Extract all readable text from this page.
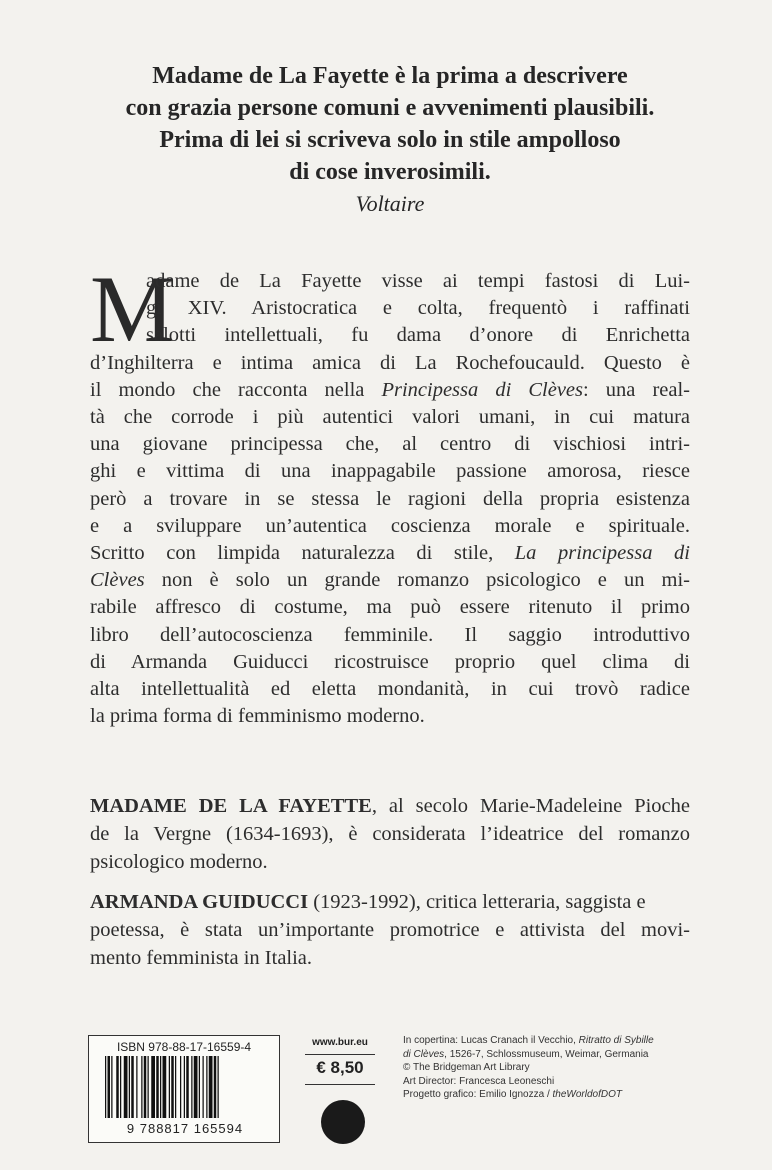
Madame de La Fayette è la prima a descrivere
con grazia persone comuni e avvenimenti plausibili.
Prima di lei si scriveva solo in stile ampolloso
di cose inverosimili.
Voltaire
M
adame de La Fayette visse ai tempi fastosi di Lui-
gi XIV. Aristocratica e colta, frequentò i raffinati
salotti intellettuali, fu dama d’onore di Enrichetta
d’Inghilterra e intima amica di La Rochefoucauld. Questo è
il mondo che racconta nella Principessa di Clèves: una real-
tà che corrode i più autentici valori umani, in cui matura
una giovane principessa che, al centro di vischiosi intri-
ghi e vittima di una inappagabile passione amorosa, riesce
però a trovare in se stessa le ragioni della propria esistenza
e a sviluppare un’autentica coscienza morale e spirituale.
Scritto con limpida naturalezza di stile, La principessa di
Clèves non è solo un grande romanzo psicologico e un mi-
rabile affresco di costume, ma può essere ritenuto il primo
libro dell’autocoscienza femminile. Il saggio introduttivo
di Armanda Guiducci ricostruisce proprio quel clima di
alta intellettualità ed eletta mondanità, in cui trovò radice
la prima forma di femminismo moderno.
MADAME DE LA FAYETTE, al secolo Marie-Madeleine Pioche
de la Vergne (1634-1693), è considerata l’ideatrice del romanzo
psicologico moderno.
ARMANDA GUIDUCCI (1923-1992), critica letteraria, saggista e
poetessa, è stata un’importante promotrice e attivista del movi-
mento femminista in Italia.
ISBN 978-88-17-16559-4
9 788817 165594
www.bur.eu
€ 8,50
In copertina: Lucas Cranach il Vecchio, Ritratto di Sybille
di Clèves, 1526-7, Schlossmuseum, Weimar, Germania
© The Bridgeman Art Library
Art Director: Francesca Leoneschi
Progetto grafico: Emilio Ignozza / theWorldofDOT
